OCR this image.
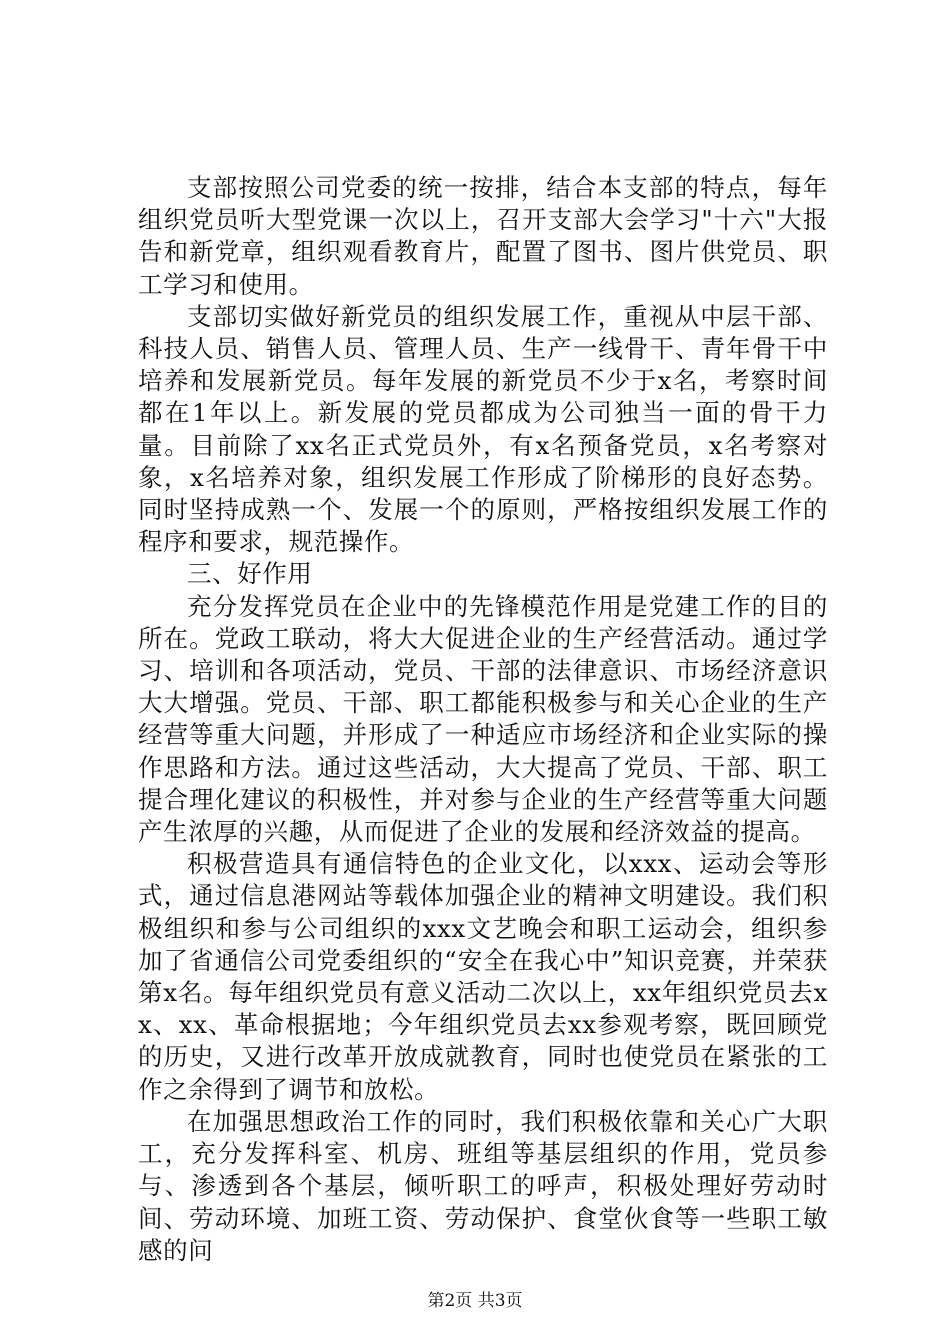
支部按照公司党委的统一按排，结合本支部的特点，每年组织党员听大型党课一次以上，召开支部大会学习"十六"大报告和新党章，组织观看教育片，配置了图书、图片供党员、职工学习和使用。

支部切实做好新党员的组织发展工作，重视从中层干部、科技人员、销售人员、管理人员、生产一线骨干、青年骨干中培养和发展新党员。每年发展的新党员不少于x名，考察时间都在1年以上。新发展的党员都成为公司独当一面的骨干力量。目前除了xx名正式党员外，有x名预备党员，x名考察对象，x名培养对象，组织发展工作形成了阶梯形的良好态势。同时坚持成熟一个、发展一个的原则，严格按组织发展工作的程序和要求，规范操作。

三、好作用

充分发挥党员在企业中的先锋模范作用是党建工作的目的所在。党政工联动，将大大促进企业的生产经营活动。通过学习、培训和各项活动，党员、干部的法律意识、市场经济意识大大增强。党员、干部、职工都能积极参与和关心企业的生产经营等重大问题，并形成了一种适应市场经济和企业实际的操作思路和方法。通过这些活动，大大提高了党员、干部、职工提合理化建议的积极性，并对参与企业的生产经营等重大问题产生浓厚的兴趣，从而促进了企业的发展和经济效益的提高。

积极营造具有通信特色的企业文化，以xxx、运动会等形式，通过信息港网站等载体加强企业的精神文明建设。我们积极组织和参与公司组织的xxx文艺晚会和职工运动会，组织参加了省通信公司党委组织的“安全在我心中”知识竞赛，并荣获第x名。每年组织党员有意义活动二次以上，xx年组织党员去xx、xx、革命根据地；今年组织党员去xx参观考察，既回顾党的历史，又进行改革开放成就教育，同时也使党员在紧张的工作之余得到了调节和放松。

在加强思想政治工作的同时，我们积极依靠和关心广大职工，充分发挥科室、机房、班组等基层组织的作用，党员参与、渗透到各个基层，倾听职工的呼声，积极处理好劳动时间、劳动环境、加班工资、劳动保护、食堂伙食等一些职工敏感的问

第2页 共3页
